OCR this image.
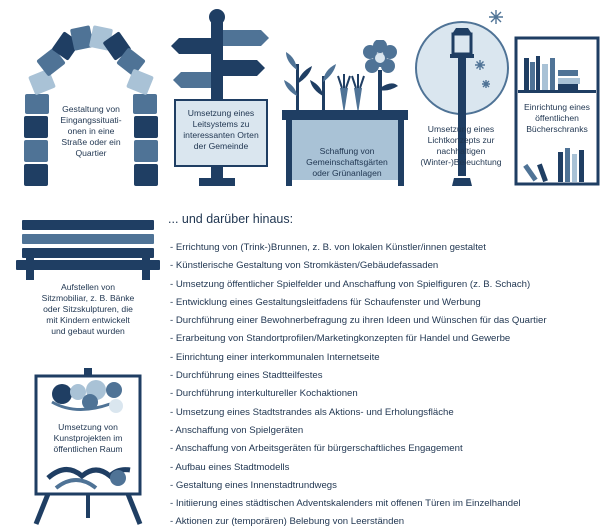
Gestaltung von
Eingangssituati-
onen in eine
Straße oder ein
Quartier
Umsetzung eines
Leitsystems zu
interessanten Orten
der Gemeinde	Schaffung von
Gemeinschaftsgärten
oder Grünanlagen
Umsetzung eines
Lichtkonzepts zur
nachhaltigen
(Winter-)Beleuchtung
Einrichtung eines
öffentlichen
Bücherschranks
Aufstellen von
Sitzmobiliar, z. B. Bänke
oder Sitzskulpturen, die
mit Kindern entwickelt
und gebaut wurden
Umsetzung von
Kunstprojekten im
öffentlichen Raum
... und darüber hinaus:
- Errichtung von (Trink-)Brunnen, z. B. von lokalen Künstler/innen gestaltet
- Künstlerische Gestaltung von Stromkästen/Gebäudefassaden
- Umsetzung öffentlicher Spielfelder und Anschaffung von Spielfiguren (z. B. Schach)
- Entwicklung eines Gestaltungsleitfadens für Schaufenster und Werbung
- Durchführung einer Bewohnerbefragung zu ihren Ideen und Wünschen für das Quartier
- Erarbeitung von Standortprofilen/Marketingkonzepten für Handel und Gewerbe
- Einrichtung einer interkommunalen Internetseite
- Durchführung eines Stadtteilfestes
- Durchführung interkultureller Kochaktionen
- Umsetzung eines Stadtstrandes als Aktions- und Erholungsfläche
- Anschaffung von Spielgeräten
- Anschaffung von Arbeitsgeräten für bürgerschaftliches Engagement
- Aufbau eines Stadtmodells
- Gestaltung eines Innenstadtrundwegs
- Initiierung eines städtischen Adventskalenders mit offenen Türen im Einzelhandel
- Aktionen zur (temporären) Belebung von Leerständen
